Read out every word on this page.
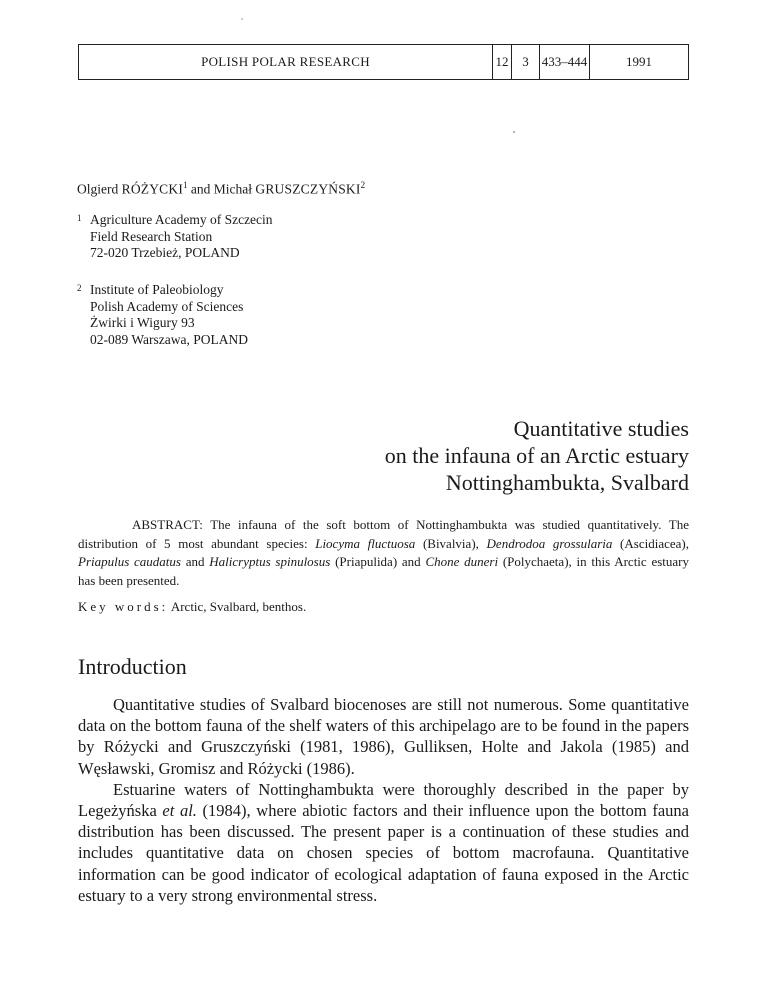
POLISH POLAR RESEARCH	12	3	433–444	1991
Olgierd RÓŻYCKI$^1$ and Michał GRUSZCZYŃSKI$^2$
1 Agriculture Academy of Szczecin
Field Research Station
72-020 Trzebież, POLAND
2 Institute of Paleobiology
Polish Academy of Sciences
Żwirki i Wigury 93
02-089 Warszawa, POLAND
Quantitative studies
on the infauna of an Arctic estuary
Nottinghambukta, Svalbard
ABSTRACT: The infauna of the soft bottom of Nottinghambukta was studied quantitatively. The distribution of 5 most abundant species: Liocyma fluctuosa (Bivalvia), Dendrodoa grossularia (Ascidiacea), Priapulus caudatus and Halicryptus spinulosus (Priapulida) and Chone duneri (Polychaeta), in this Arctic estuary has been presented.
Key words: Arctic, Svalbard, benthos.
Introduction

Quantitative studies of Svalbard biocenoses are still not numerous. Some quantitative data on the bottom fauna of the shelf waters of this archipelago are to be found in the papers by Różycki and Gruszczyński (1981, 1986), Gulliksen, Holte and Jakola (1985) and Węsławski, Gromisz and Różycki (1986).

Estuarine waters of Nottinghambukta were thoroughly described in the paper by Legeżyńska et al. (1984), where abiotic factors and their influence upon the bottom fauna distribution has been discussed. The present paper is a continuation of these studies and includes quantitative data on chosen species of bottom macrofauna. Quantitative information can be good indicator of ecological adaptation of fauna exposed in the Arctic estuary to a very strong environmental stress.
